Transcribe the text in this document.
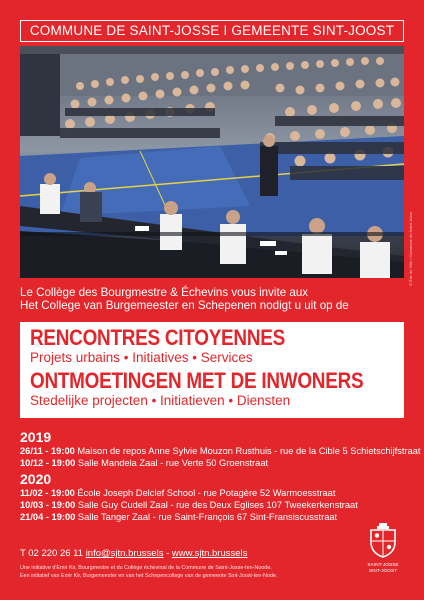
COMMUNE DE SAINT-JOSSE I GEMEENTE SINT-JOOST
© Éric de Ville / Commune de Saint-Josse
Le Collège des Bourgmestre & Échevins vous invite aux
Het College van Burgemeester en Schepenen nodigt u uit op de
RENCONTRES CITOYENNES
Projets urbains • Initiatives • Services
ONTMOETINGEN MET DE INWONERS
Stedelijke projecten • Initiatieven • Diensten
2019
26/11 - 19:00 Maison de repos Anne Sylvie Mouzon Rusthuis - rue de la Cible 5 Schietschijfstraat
10/12 - 19:00 Salle Mandela Zaal - rue Verte 50 Groenstraat
2020
11/02 - 19:00 École Joseph Delclef School - rue Potagère 52 Warmoesstraat
10/03 - 19:00 Salle Guy Cudell Zaal - rue des Deux Eglises 107 Tweekerkenstraat
21/04 - 19:00 Salle Tanger Zaal - rue Saint-François 67 Sint-Fransiscusstraat
T 02 220 26 11 info@sjtn.brussels - www.sjtn.brussels
Une initiative d'Emir Kir, Bourgmestre et du Collège échevinal de la Commune de Saint-Josse-ten-Noode.
Een initiatief van Emir Kir, Burgemeester en van het Schepencollege van de gemeente Sint-Joost-ten-Node.
SAINT-JOSSE
SINT-JOOST
